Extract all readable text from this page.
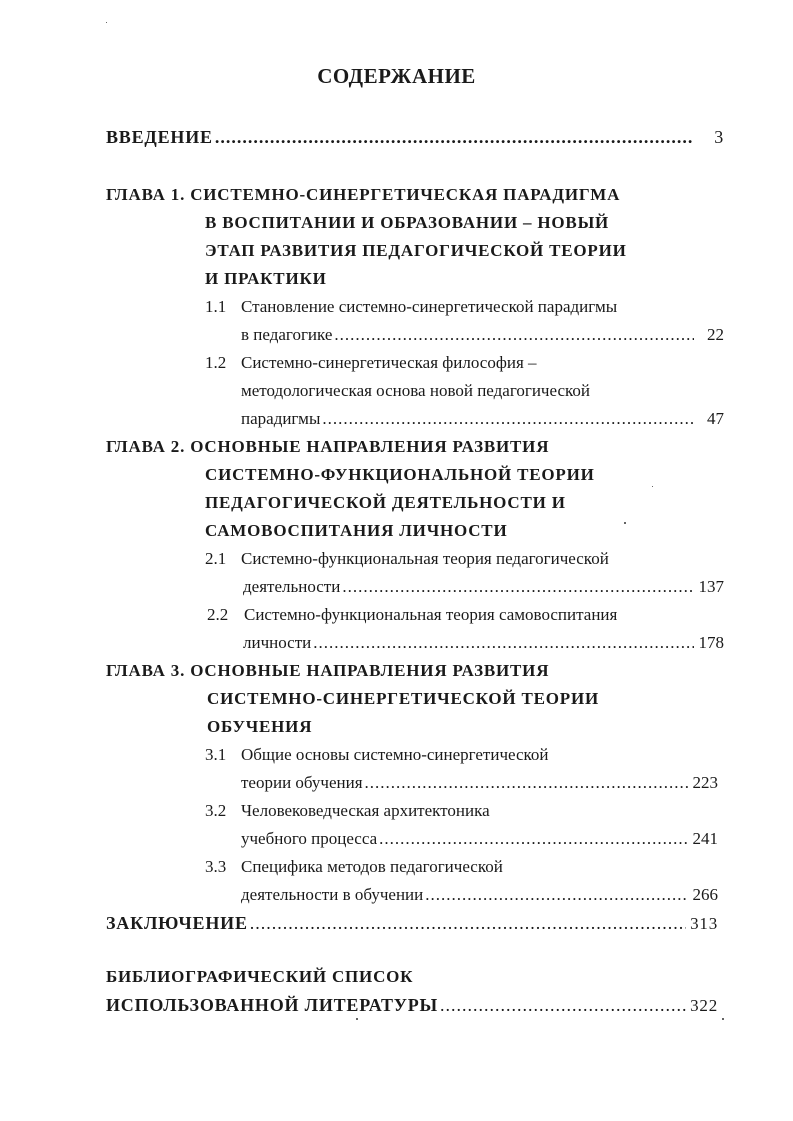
СОДЕРЖАНИЕ
ВВЕДЕНИЕ .....	3
ГЛАВА 1. СИСТЕМНО-СИНЕРГЕТИЧЕСКАЯ ПАРАДИГМА
В ВОСПИТАНИИ И ОБРАЗОВАНИИ – НОВЫЙ
ЭТАП РАЗВИТИЯ ПЕДАГОГИЧЕСКОЙ ТЕОРИИ
И ПРАКТИКИ
1.1 Становление системно-синергетической парадигмы
в педагогике .....	22
1.2 Системно-синергетическая философия –
методологическая основа новой педагогической
парадигмы .....	47
ГЛАВА 2. ОСНОВНЫЕ НАПРАВЛЕНИЯ РАЗВИТИЯ
СИСТЕМНО-ФУНКЦИОНАЛЬНОЙ ТЕОРИИ
ПЕДАГОГИЧЕСКОЙ ДЕЯТЕЛЬНОСТИ И
САМОВОСПИТАНИЯ ЛИЧНОСТИ
2.1 Системно-функциональная теория педагогической
деятельности .....	137
2.2 Системно-функциональная теория самовоспитания
личности .....	178
ГЛАВА 3. ОСНОВНЫЕ НАПРАВЛЕНИЯ РАЗВИТИЯ
СИСТЕМНО-СИНЕРГЕТИЧЕСКОЙ ТЕОРИИ
ОБУЧЕНИЯ
3.1 Общие основы системно-синергетической
теории обучения .....	223
3.2 Человековедческая архитектоника
учебного процесса .....	241
3.3 Специфика методов педагогической
деятельности в обучении .....	266
ЗАКЛЮЧЕНИЕ .....	313
БИБЛИОГРАФИЧЕСКИЙ СПИСОК
ИСПОЛЬЗОВАННОЙ ЛИТЕРАТУРЫ .....	322
